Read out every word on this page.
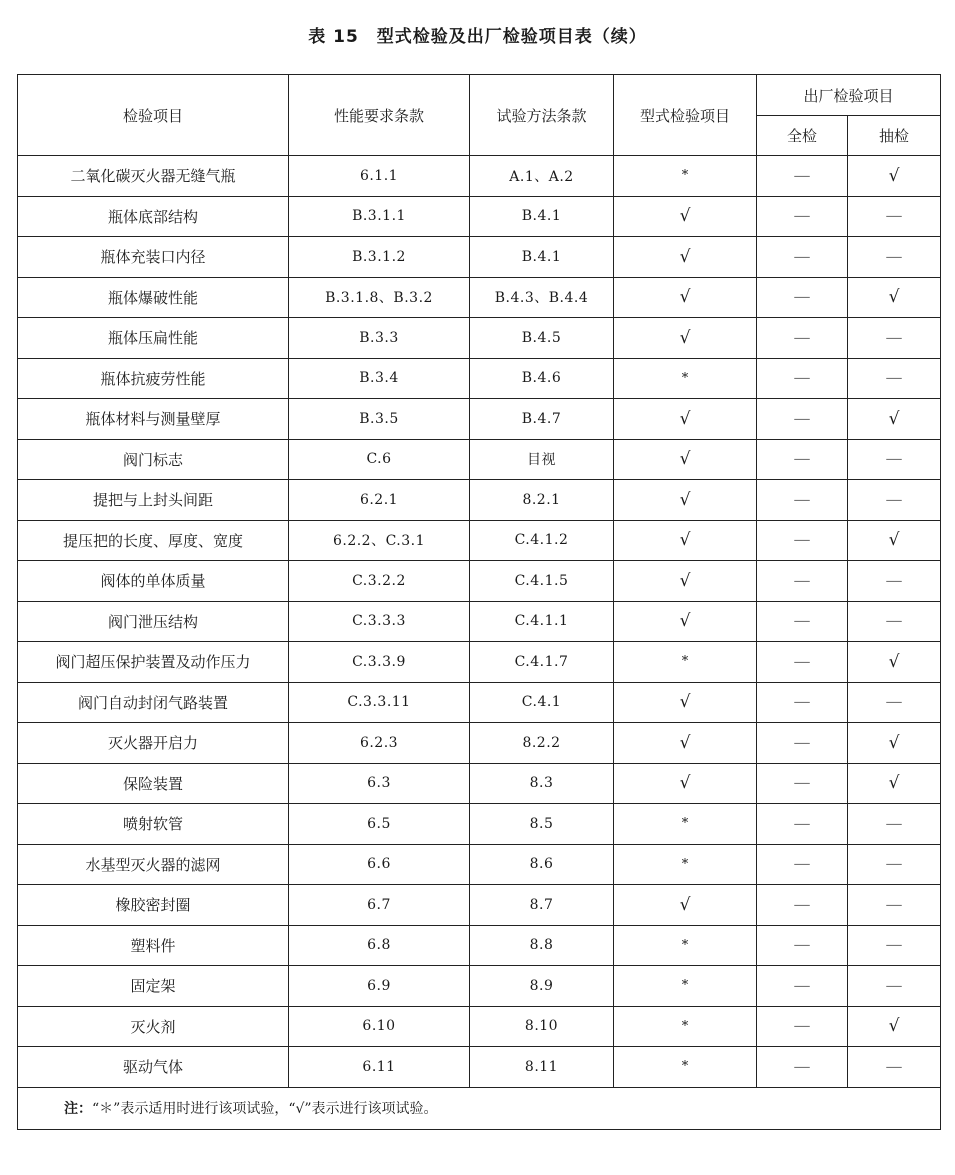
表 15　型式检验及出厂检验项目表（续）
检验项目	性能要求条款	试验方法条款	型式检验项目	出厂检验项目	
				全检	抽检
二氧化碳灭火器无缝气瓶	6.1.1	A.1、A.2	*	—	√
瓶体底部结构	B.3.1.1	B.4.1	√	—	—
瓶体充装口内径	B.3.1.2	B.4.1	√	—	—
瓶体爆破性能	B.3.1.8、B.3.2	B.4.3、B.4.4	√	—	√
瓶体压扁性能	B.3.3	B.4.5	√	—	—
瓶体抗疲劳性能	B.3.4	B.4.6	*	—	—
瓶体材料与测量壁厚	B.3.5	B.4.7	√	—	√
阀门标志	C.6	目视	√	—	—
提把与上封头间距	6.2.1	8.2.1	√	—	—
提压把的长度、厚度、宽度	6.2.2、C.3.1	C.4.1.2	√	—	√
阀体的单体质量	C.3.2.2	C.4.1.5	√	—	—
阀门泄压结构	C.3.3.3	C.4.1.1	√	—	—
阀门超压保护装置及动作压力	C.3.3.9	C.4.1.7	*	—	√
阀门自动封闭气路装置	C.3.3.11	C.4.1	√	—	—
灭火器开启力	6.2.3	8.2.2	√	—	√
保险装置	6.3	8.3	√	—	√
喷射软管	6.5	8.5	*	—	—
水基型灭火器的滤网	6.6	8.6	*	—	—
橡胶密封圈	6.7	8.7	√	—	—
塑料件	6.8	8.8	*	—	—
固定架	6.9	8.9	*	—	—
灭火剂	6.10	8.10	*	—	√
驱动气体	6.11	8.11	*	—	—
注：“＊”表示适用时进行该项试验，“√”表示进行该项试验。					
